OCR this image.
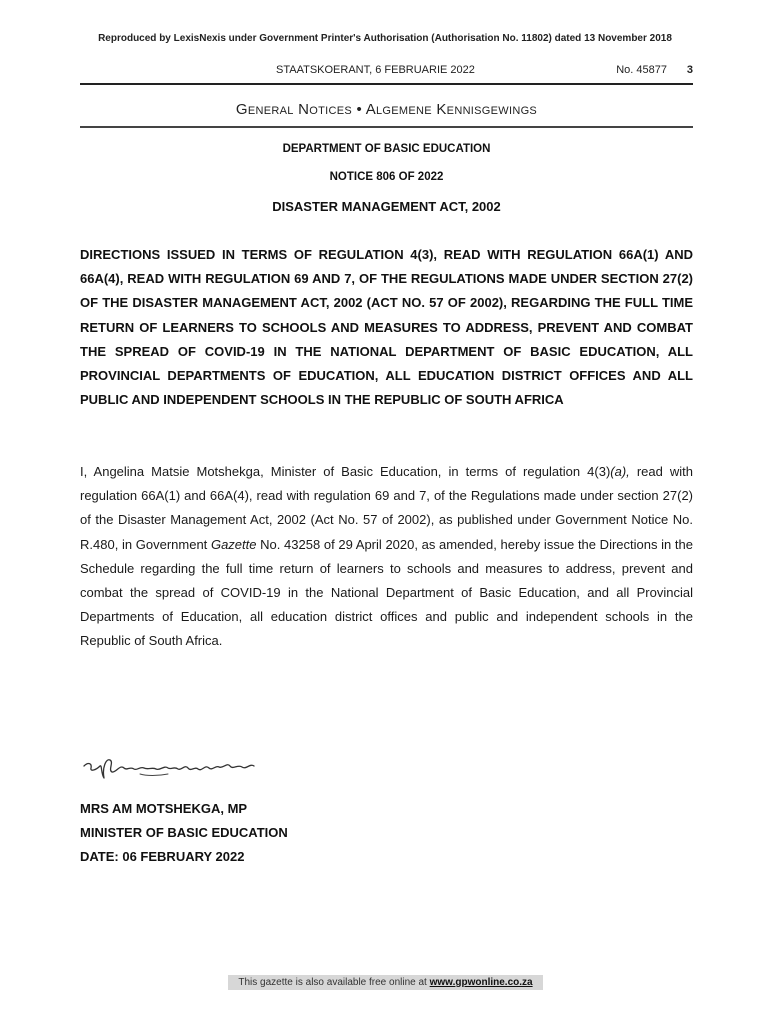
Reproduced by LexisNexis under Government Printer's Authorisation (Authorisation No. 11802) dated 13 November 2018
STAATSKOERANT, 6 FEBRUARIE 2022	No. 45877 3
General Notices • Algemene Kennisgewings
DEPARTMENT OF BASIC EDUCATION
NOTICE 806 OF 2022
DISASTER MANAGEMENT ACT, 2002

DIRECTIONS ISSUED IN TERMS OF REGULATION 4(3), READ WITH REGULATION 66A(1) AND 66A(4), READ WITH REGULATION 69 AND 7, OF THE REGULATIONS MADE UNDER SECTION 27(2) OF THE DISASTER MANAGEMENT ACT, 2002 (ACT NO. 57 OF 2002), REGARDING THE FULL TIME RETURN OF LEARNERS TO SCHOOLS AND MEASURES TO ADDRESS, PREVENT AND COMBAT THE SPREAD OF COVID-19 IN THE NATIONAL DEPARTMENT OF BASIC EDUCATION, ALL PROVINCIAL DEPARTMENTS OF EDUCATION, ALL EDUCATION DISTRICT OFFICES AND ALL PUBLIC AND INDEPENDENT SCHOOLS IN THE REPUBLIC OF SOUTH AFRICA

I, Angelina Matsie Motshekga, Minister of Basic Education, in terms of regulation 4(3)(a), read with regulation 66A(1) and 66A(4), read with regulation 69 and 7, of the Regulations made under section 27(2) of the Disaster Management Act, 2002 (Act No. 57 of 2002), as published under Government Notice No. R.480, in Government Gazette No. 43258 of 29 April 2020, as amended, hereby issue the Directions in the Schedule regarding the full time return of learners to schools and measures to address, prevent and combat the spread of COVID-19 in the National Department of Basic Education, and all Provincial Departments of Education, all education district offices and public and independent schools in the Republic of South Africa.

MRS AM MOTSHEKGA, MP
MINISTER OF BASIC EDUCATION
DATE: 06 FEBRUARY 2022
This gazette is also available free online at www.gpwonline.co.za
